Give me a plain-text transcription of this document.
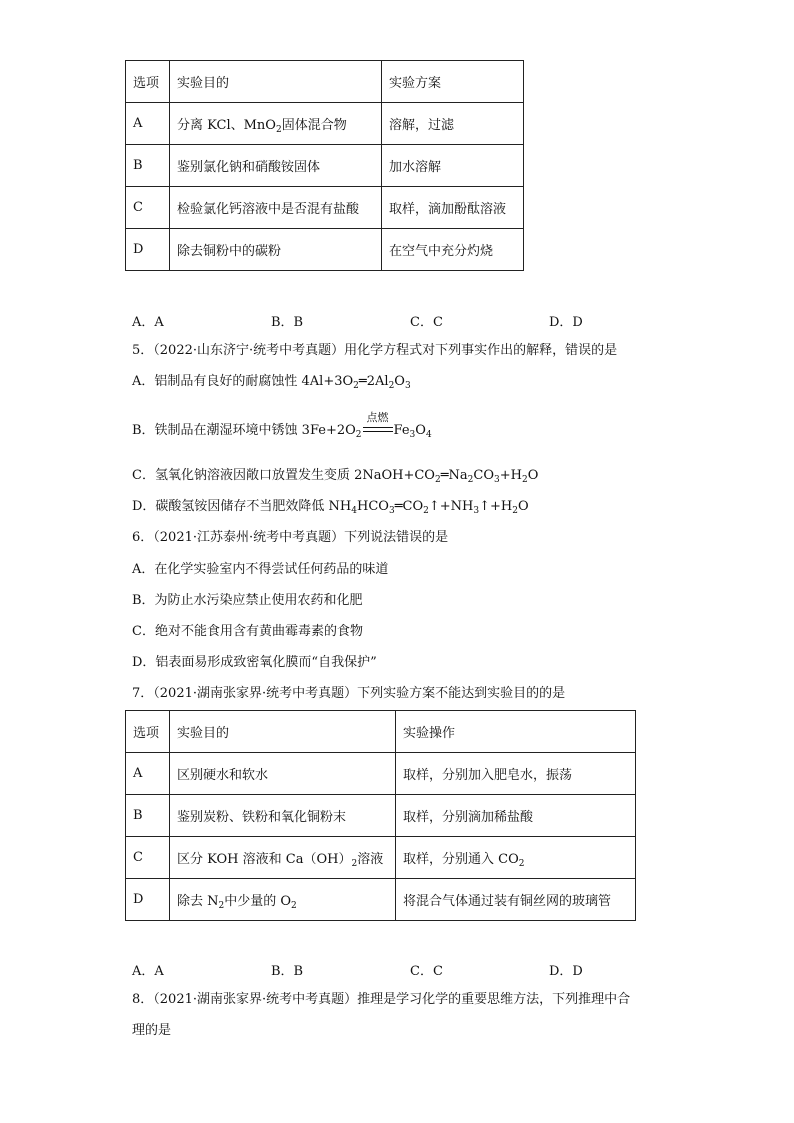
选项	实验目的	实验方案
A	分离 KCl、MnO$_2$固体混合物	溶解，过滤
B	鉴别氯化钠和硝酸铵固体	加水溶解
C	检验氯化钙溶液中是否混有盐酸	取样，滴加酚酞溶液
D	除去铜粉中的碳粉	在空气中充分灼烧
A．A	B．B	C．C	D．D
5．（2022·山东济宁·统考中考真题）用化学方程式对下列事实作出的解释，错误的是
A．铝制品有良好的耐腐蚀性 $4Al+3O_2═2Al_2O_3$
B．铁制品在潮湿环境中锈蚀 $3Fe+2O_2$
点燃
$Fe_3O_4$
C．氢氧化钠溶液因敞口放置发生变质 $2NaOH+CO_2═Na_2CO_3+H_2O$
D．碳酸氢铵因储存不当肥效降低 $NH_4HCO_3═CO_2↑+NH_3↑+H_2O$
6．（2021·江苏泰州·统考中考真题）下列说法错误的是
A．在化学实验室内不得尝试任何药品的味道
B．为防止水污染应禁止使用农药和化肥
C．绝对不能食用含有黄曲霉毒素的食物
D．铝表面易形成致密氧化膜而“自我保护”
7．（2021·湖南张家界·统考中考真题）下列实验方案不能达到实验目的的是
选项	实验目的	实验操作
A	区别硬水和软水	取样，分别加入肥皂水，振荡
B	鉴别炭粉、铁粉和氧化铜粉末	取样，分别滴加稀盐酸
C	区分 KOH 溶液和 $Ca(OH)_2$溶液	取样，分别通入 $CO_2$
D	除去 $N_2$中少量的 $O_2$	将混合气体通过装有铜丝网的玻璃管
A．A	B．B	C．C	D．D
8．（2021·湖南张家界·统考中考真题）推理是学习化学的重要思维方法，下列推理中合
理的是
